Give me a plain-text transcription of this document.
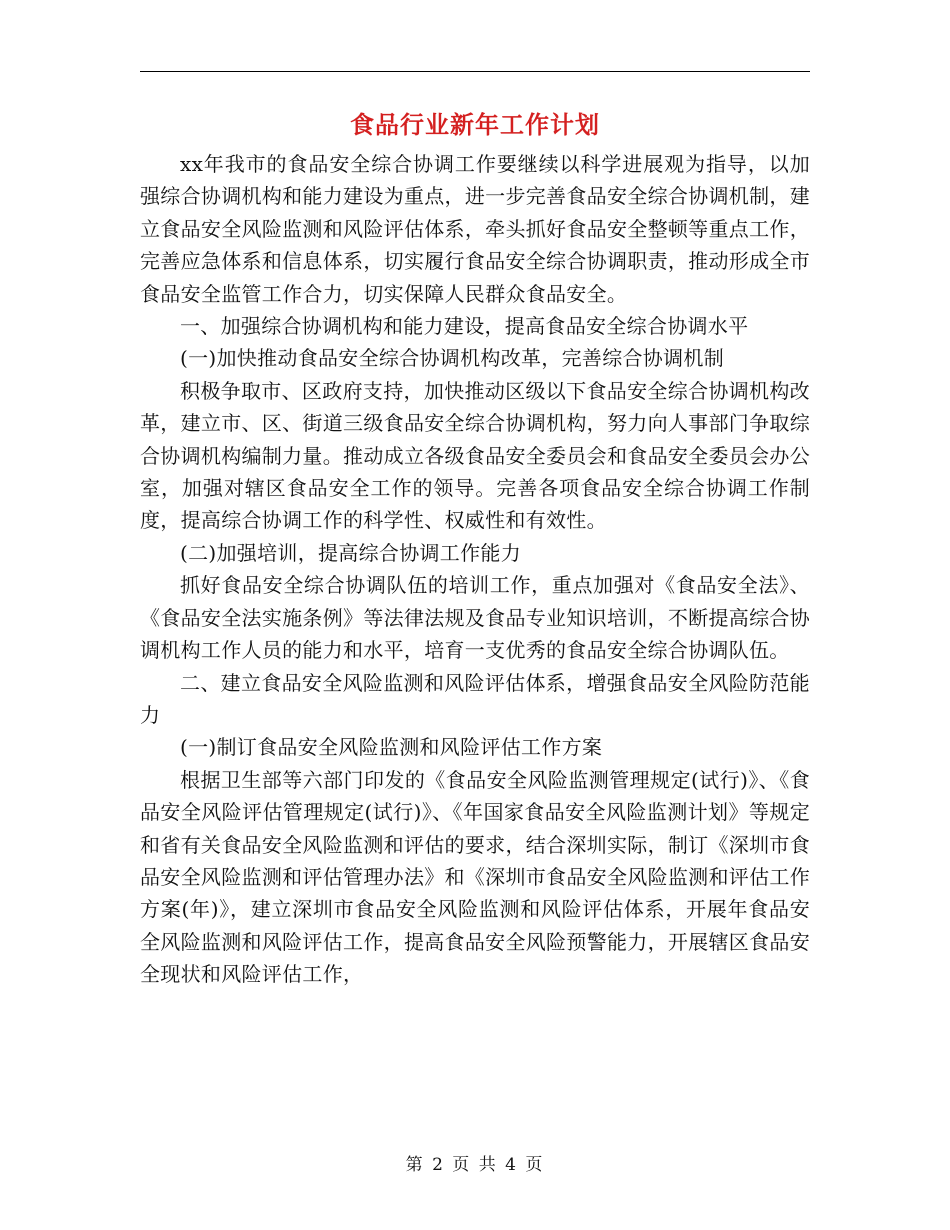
食品行业新年工作计划

xx年我市的食品安全综合协调工作要继续以科学进展观为指导，以加强综合协调机构和能力建设为重点，进一步完善食品安全综合协调机制，建立食品安全风险监测和风险评估体系，牵头抓好食品安全整顿等重点工作，完善应急体系和信息体系，切实履行食品安全综合协调职责，推动形成全市食品安全监管工作合力，切实保障人民群众食品安全。

一、加强综合协调机构和能力建设，提高食品安全综合协调水平

(一)加快推动食品安全综合协调机构改革，完善综合协调机制

积极争取市、区政府支持，加快推动区级以下食品安全综合协调机构改革，建立市、区、街道三级食品安全综合协调机构，努力向人事部门争取综合协调机构编制力量。推动成立各级食品安全委员会和食品安全委员会办公室，加强对辖区食品安全工作的领导。完善各项食品安全综合协调工作制度，提高综合协调工作的科学性、权威性和有效性。

(二)加强培训，提高综合协调工作能力

抓好食品安全综合协调队伍的培训工作，重点加强对《食品安全法》、《食品安全法实施条例》等法律法规及食品专业知识培训，不断提高综合协调机构工作人员的能力和水平，培育一支优秀的食品安全综合协调队伍。

二、建立食品安全风险监测和风险评估体系，增强食品安全风险防范能力

(一)制订食品安全风险监测和风险评估工作方案

根据卫生部等六部门印发的《食品安全风险监测管理规定(试行)》、《食品安全风险评估管理规定(试行)》、《年国家食品安全风险监测计划》等规定和省有关食品安全风险监测和评估的要求，结合深圳实际，制订《深圳市食品安全风险监测和评估管理办法》和《深圳市食品安全风险监测和评估工作方案(年)》，建立深圳市食品安全风险监测和风险评估体系，开展年食品安全风险监测和风险评估工作，提高食品安全风险预警能力，开展辖区食品安全现状和风险评估工作，

第 2 页 共 4 页
